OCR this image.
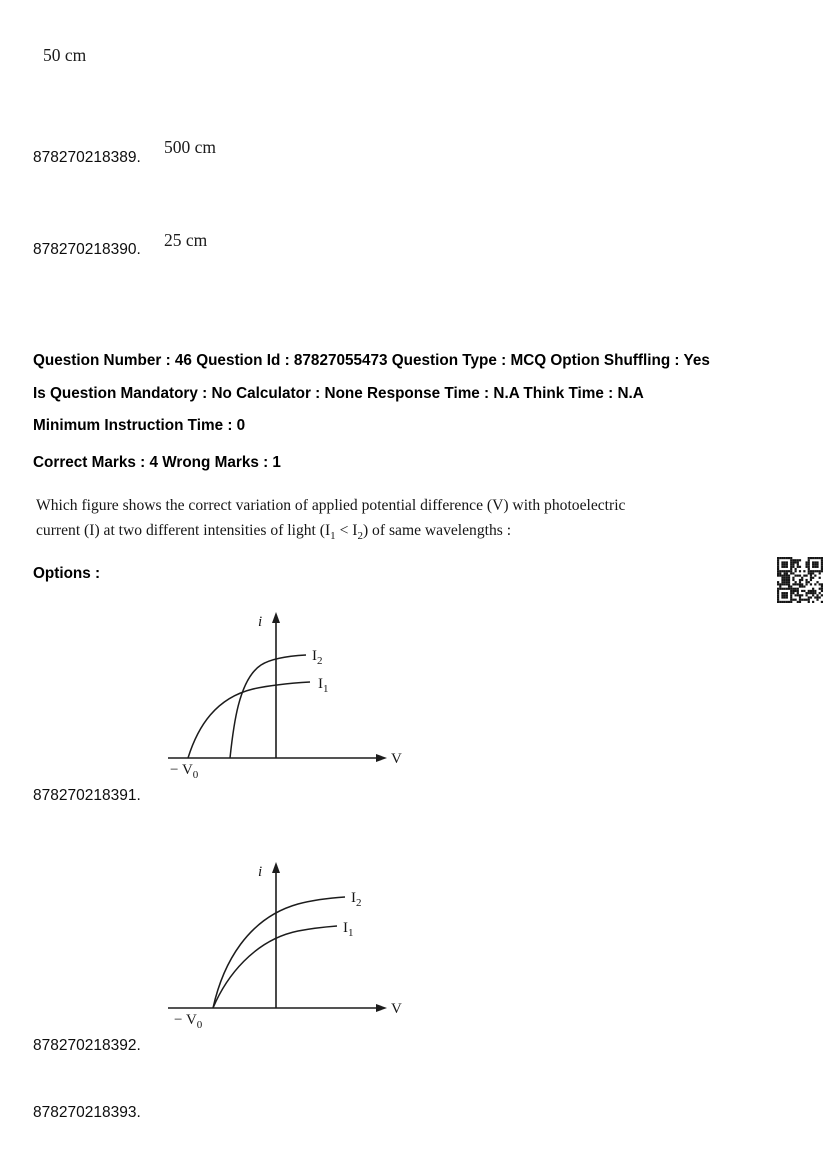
50 cm
878270218389.
500 cm
878270218390. 25 cm
Question Number : 46 Question Id : 87827055473 Question Type : MCQ Option Shuffling : Yes
Is Question Mandatory : No Calculator : None Response Time : N.A Think Time : N.A
Minimum Instruction Time : 0
Correct Marks : 4 Wrong Marks : 1
Which figure shows the correct variation of applied potential difference (V) with photoelectric
current (I) at two different intensities of light $(I_1 < I_2)$ of same wavelengths :
Options :
i
V
$I_2$
$I_1$
− $V_0$
878270218391.
i
V
$I_2$
$I_1$
− $V_0$
878270218392.
878270218393.
